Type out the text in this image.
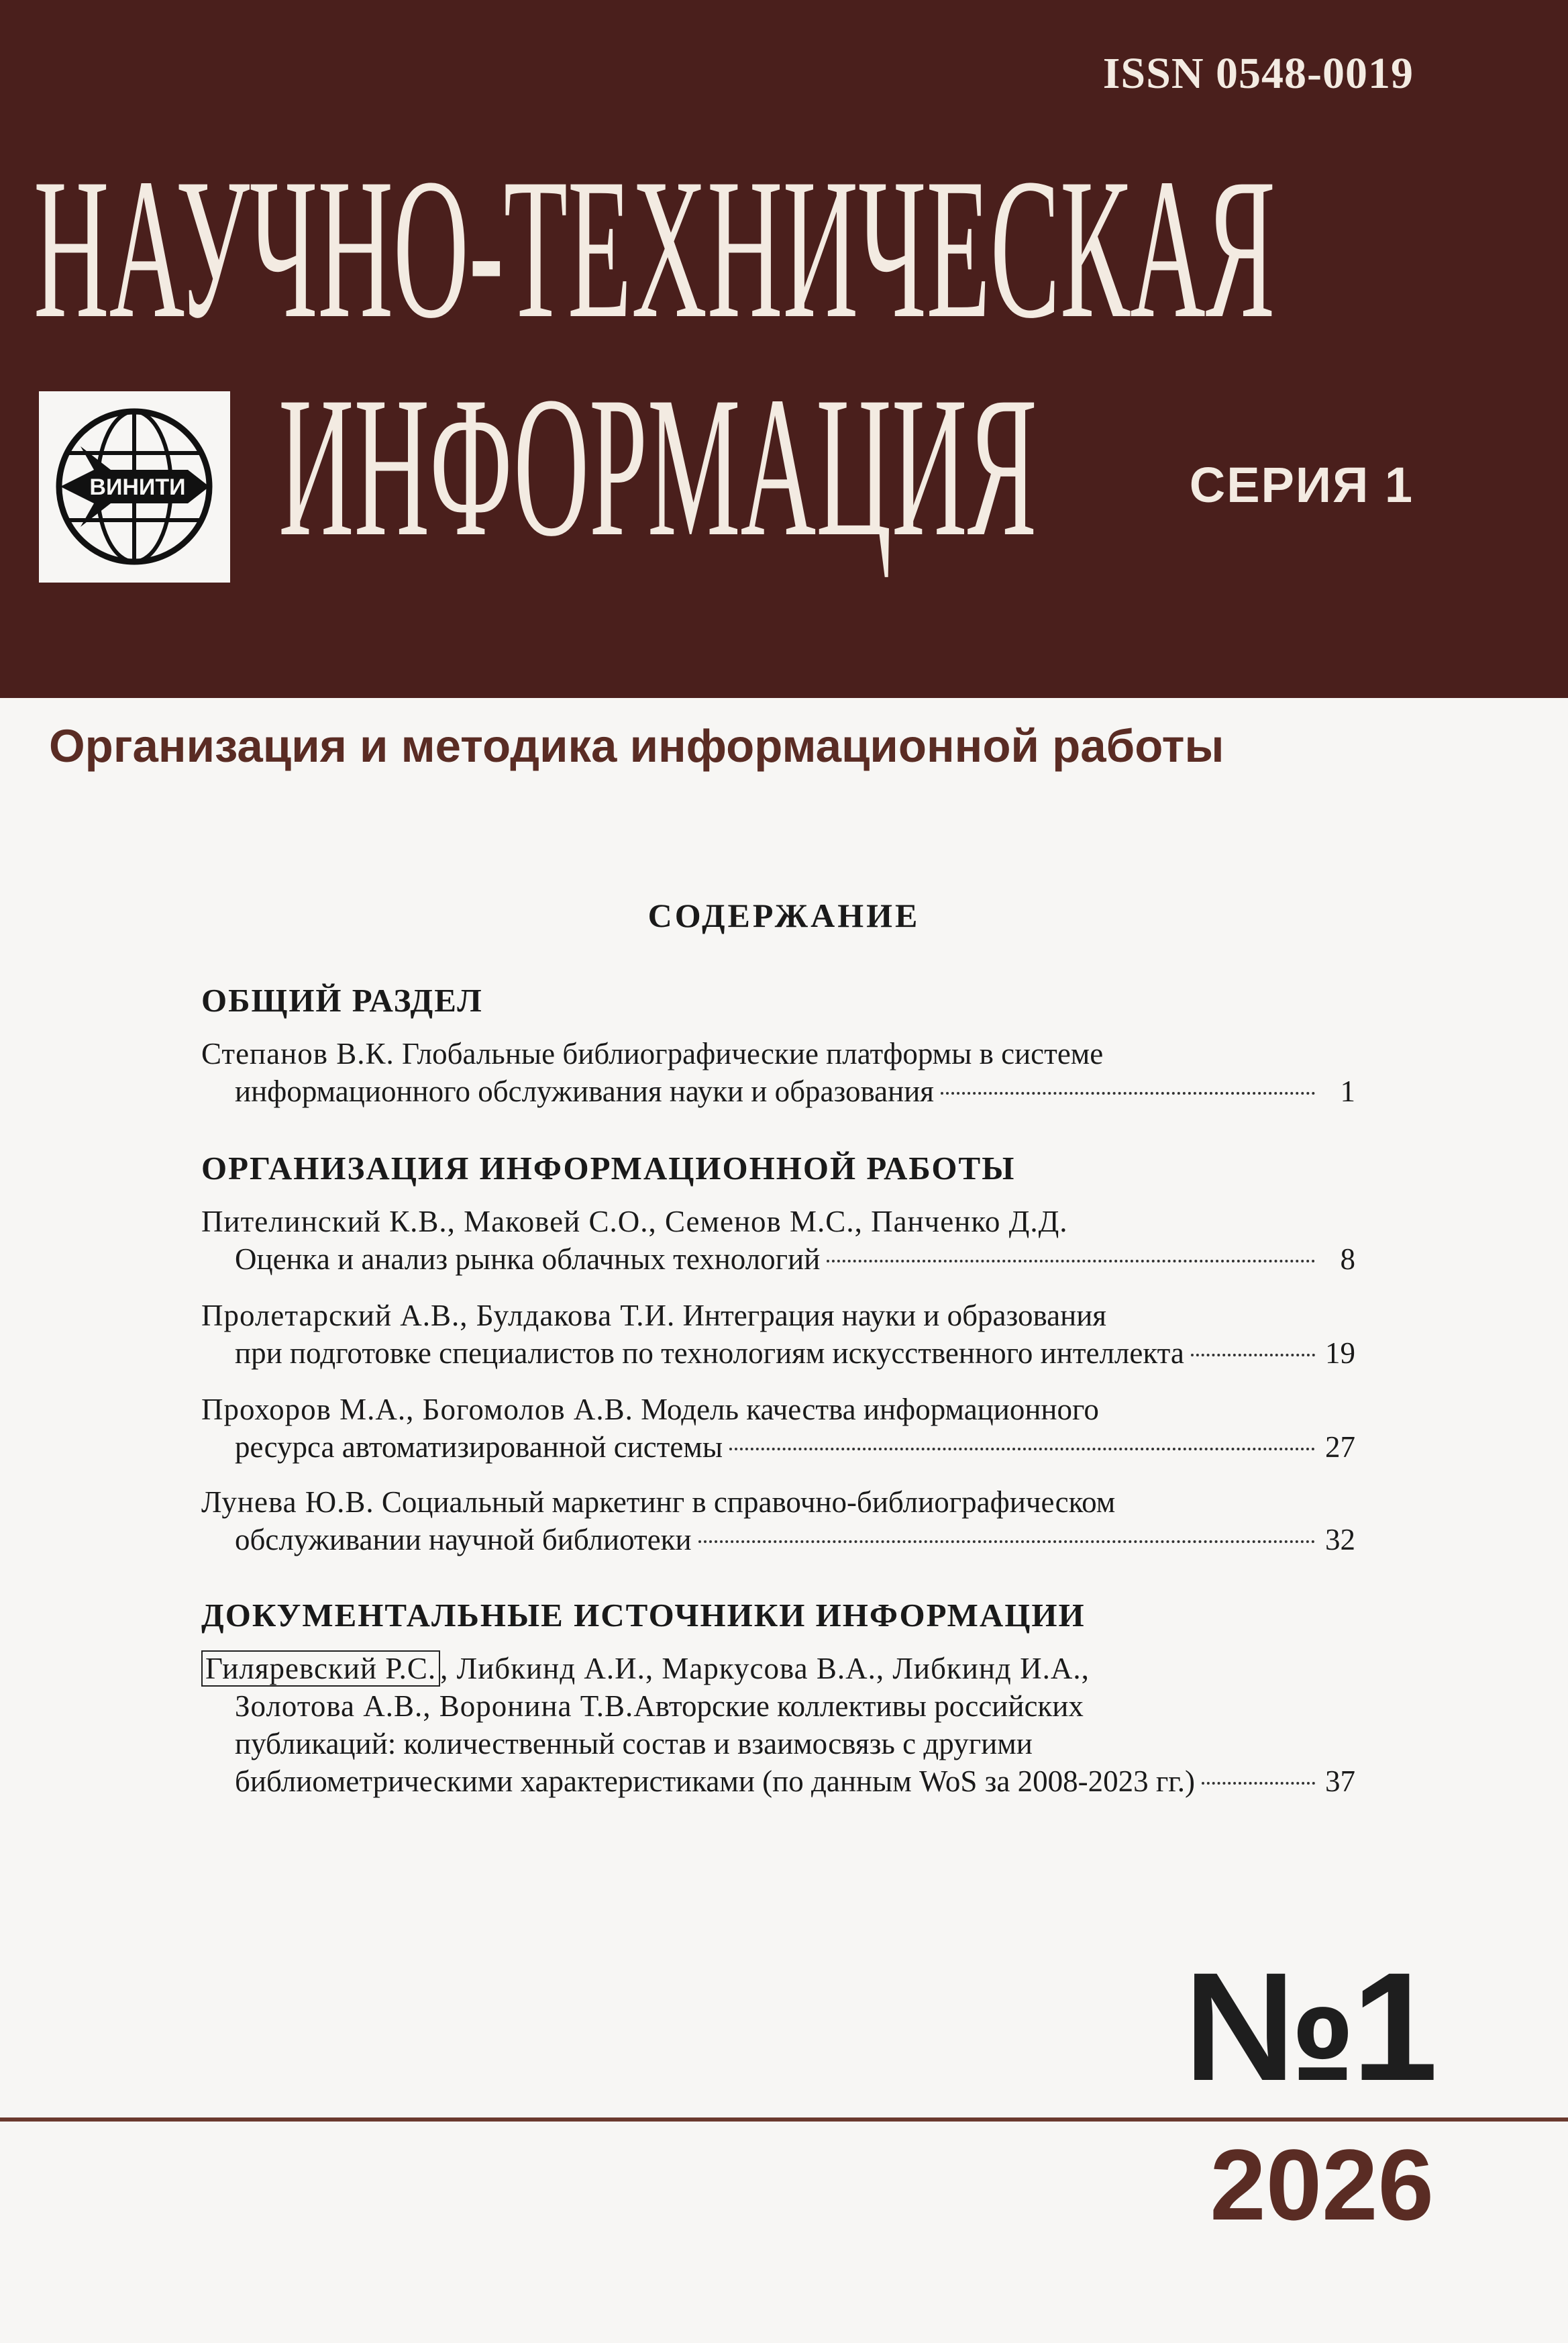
ISSN 0548-0019
НАУЧНО-ТЕХНИЧЕСКАЯ
ВИНИТИ ИНФОРМАЦИЯ	СЕРИЯ 1
Организация и методика информационной работы
СОДЕРЖАНИЕ
ОБЩИЙ РАЗДЕЛ
Степанов В.К. Глобальные библиографические платформы в системе
информационного обслуживания науки и образования	1
ОРГАНИЗАЦИЯ ИНФОРМАЦИОННОЙ РАБОТЫ
Пителинский К.В., Маковей С.О., Семенов М.С., Панченко Д.Д.
Оценка и анализ рынка облачных технологий	8
Пролетарский А.В., Булдакова Т.И. Интеграция науки и образования
при подготовке специалистов по технологиям искусственного интеллекта	19
Прохоров М.А., Богомолов А.В. Модель качества информационного
ресурса автоматизированной системы	27
Лунева Ю.В. Социальный маркетинг в справочно-библиографическом
обслуживании научной библиотеки	32
ДОКУМЕНТАЛЬНЫЕ ИСТОЧНИКИ ИНФОРМАЦИИ
Гиляревский Р.С. , Либкинд А.И., Маркусова В.А., Либкинд И.А.,
Золотова А.В., Воронина Т.В. Авторские коллективы российских
публикаций: количественный состав и взаимосвязь с другими
библиометрическими характеристиками (по данным WoS за 2008-2023 гг.)	37
№1
2026
